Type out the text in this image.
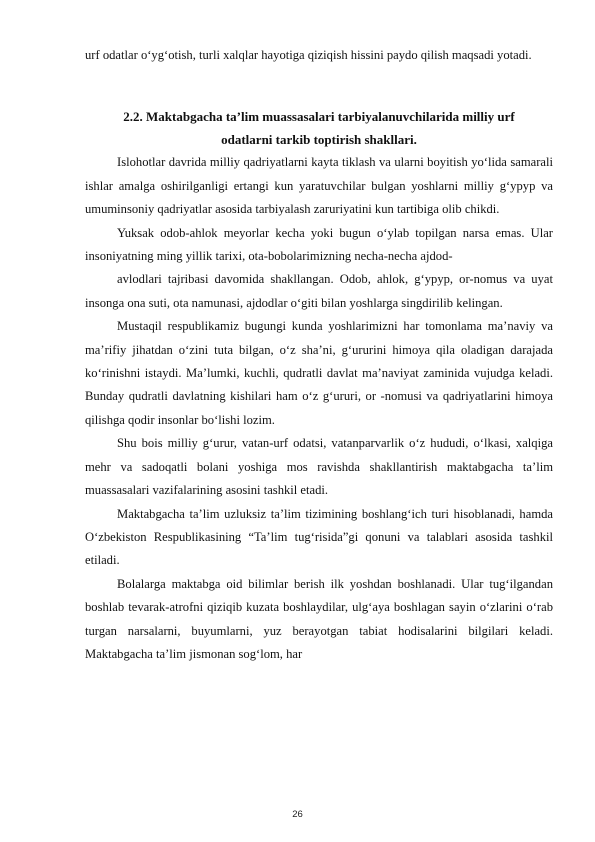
urf odatlar o‘yg‘otish, turli xalqlar hayotiga qiziqish hissini paydo qilish maqsadi yotadi.

2.2. Maktabgacha ta’lim muassasalari tarbiyalanuvchilarida milliy urf
odatlarni tarkib toptirish shakllari.

Islohotlar davrida milliy qadriyatlarni kayta tiklash va ularni boyitish yo‘lida samarali ishlar amalga oshirilganligi ertangi kun yaratuvchilar bulgan yoshlarni milliy g‘ypyp va umuminsoniy qadriyatlar asosida tarbiyalash zaruriyatini kun tartibiga olib chikdi.

Yuksak odob-ahlok meyorlar kecha yoki bugun o‘ylab topilgan narsa emas. Ular insoniyatning ming yillik tarixi, ota-bobolarimizning necha-necha ajdod-

avlodlari tajribasi davomida shakllangan. Odob, ahlok, g‘ypyp, or-nomus va uyat insonga ona suti, ota namunasi, ajdodlar o‘giti bilan yoshlarga singdirilib kelingan.

Mustaqil respublikamiz bugungi kunda yoshlarimizni har tomonlama ma’naviy va ma’rifiy jihatdan o‘zini tuta bilgan, o‘z sha’ni, g‘ururini himoya qila oladigan darajada ko‘rinishni istaydi. Ma’lumki, kuchli, qudratli davlat ma’naviyat zaminida vujudga keladi. Bunday qudratli davlatning kishilari ham o‘z g‘ururi, or -nomusi va qadriyatlarini himoya qilishga qodir insonlar bo‘lishi lozim.

Shu bois milliy g‘urur, vatan-urf odatsi, vatanparvarlik o‘z hududi, o‘lkasi, xalqiga mehr va sadoqatli bolani yoshiga mos ravishda shakllantirish maktabgacha ta’lim muassasalari vazifalarining asosini tashkil etadi.

Maktabgacha ta’lim uzluksiz ta’lim tizimining boshlang‘ich turi hisoblanadi, hamda O‘zbekiston Respublikasining “Ta’lim tug‘risida”gi qonuni va talablari asosida tashkil etiladi.

Bolalarga maktabga oid bilimlar berish ilk yoshdan boshlanadi. Ular tug‘ilgandan boshlab tevarak-atrofni qiziqib kuzata boshlaydilar, ulg‘aya boshlagan sayin o‘zlarini o‘rab turgan narsalarni, buyumlarni, yuz berayotgan tabiat hodisalarini bilgilari keladi. Maktabgacha ta’lim jismonan sog‘lom, har

26
